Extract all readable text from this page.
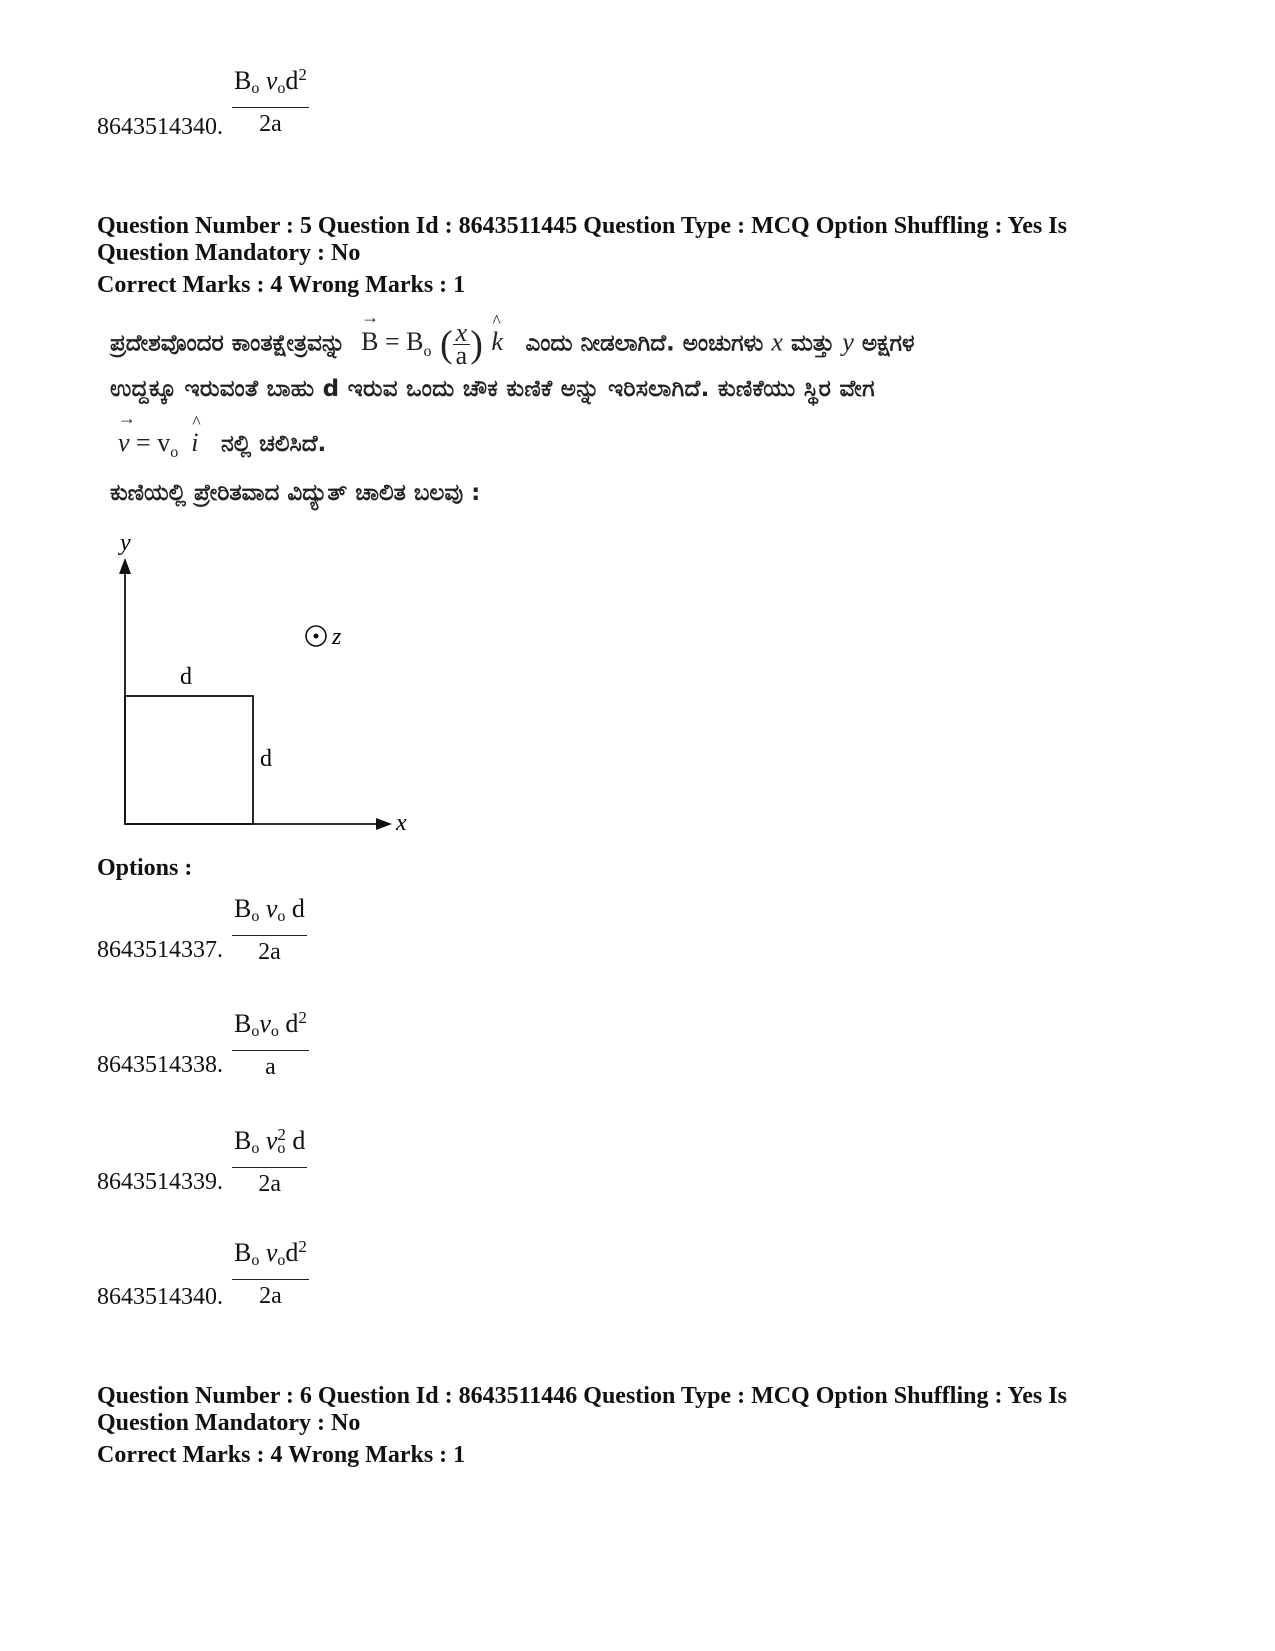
$B_o$ $v_od^2$
2a
8643514340.
Question Number : 5 Question Id : 8643511445 Question Type : MCQ Option Shuffling : Yes Is
Question Mandatory : No
Correct Marks : 4 Wrong Marks : 1
ಪ್ರದೇಶವೊಂದರ ಕಾಂತಕ್ಷೇತ್ರವನ್ನು
→
$B = B_o$ ( $\frac{x}{a}$ )
^
k ಎಂದು ನೀಡಲಾಗಿದೆ. ಅಂಚುಗಳು x ಮತ್ತು y ಅಕ್ಷಗಳ
ಉದ್ದಕ್ಕೂ ಇರುವಂತೆ ಬಾಹು d ಇರುವ ಒಂದು ಚೌಕ ಕುಣಿಕೆ ಅನ್ನು ಇರಿಸಲಾಗಿದೆ. ಕುಣಿಕೆಯು ಸ್ಥಿರ ವೇಗ
→
$v = v_o$
^
i ನಲ್ಲಿ ಚಲಿಸಿದೆ.
ಕುಣಿಯಲ್ಲಿ ಪ್ರೇರಿತವಾದ ವಿದ್ಯುತ್ ಚಾಲಿತ ಬಲವು :
y
x
z
d
d
Options :
$\frac{B_o v_o d}{2a}$
8643514337.
$B_ov_o$ $d^2$
a
8643514338.
$\frac{B_o v_o^2 d}{2a}$
8643514339.
$B_o$ $v_od^2$
2a
8643514340.
Question Number : 6 Question Id : 8643511446 Question Type : MCQ Option Shuffling : Yes Is
Question Mandatory : No
Correct Marks : 4 Wrong Marks : 1
